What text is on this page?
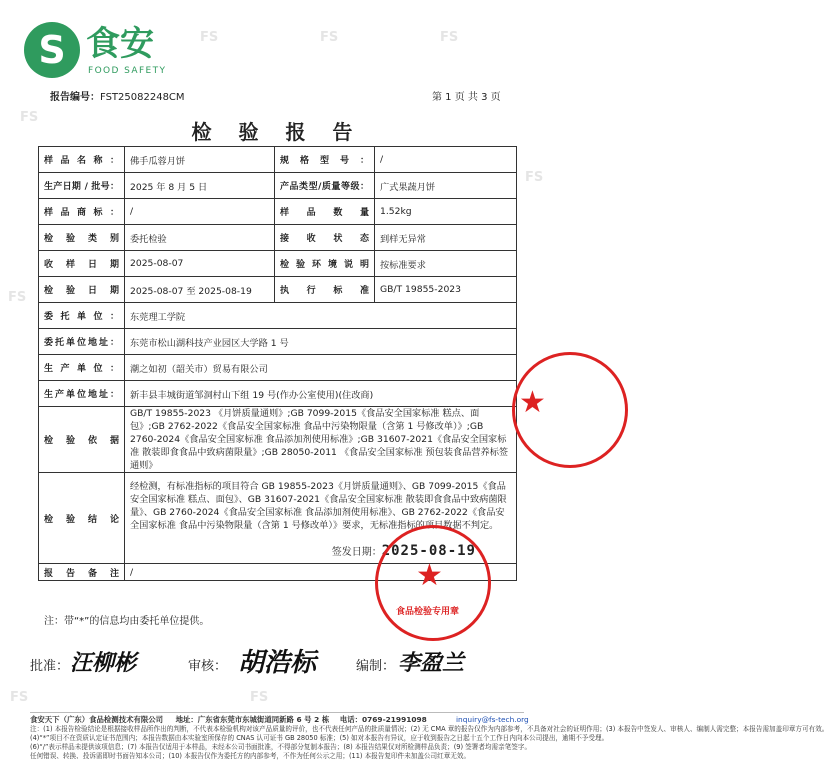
FS
FS	FS	FS
FS
FS
FS
FS
S 食安
FOOD SAFETY
报告编号：FST25082248CM	第 1 页 共 3 页
检 验 报 告
样 品 名 称 ：	佛手瓜蓉月饼	规 格 型 号 ：	/
生产日期 / 批号：	2025 年 8 月 5 日	产品类型/质量等级：	广式果蔬月饼
样 品 商 标 ：	/	样 品 数 量	1.52kg
检 验 类 别	委托检验	接 收 状 态	到样无异常
收 样 日 期	2025-08-07	检验环境说明	按标准要求
检 验 日 期	2025-08-07 至 2025-08-19	执 行 标 准	GB/T 19855-2023
委 托 单 位 ：	东莞理工学院		
委托单位地址：	东莞市松山湖科技产业园区大学路 1 号		
生 产 单 位 ：	潮之如初（韶关市）贸易有限公司		
生产单位地址：	新丰县丰城街道邹洞村山下组 19 号(作办公室使用)(住改商)		
检 验 依 据	GB/T 19855-2023 《月饼质量通则》;GB 7099-2015《食品安全国家标准 糕点、面包》;GB 2762-2022《食品安全国家标准 食品中污染物限量（含第 1 号修改单）》;GB 2760-2024《食品安全国家标准 食品添加剂使用标准》;GB 31607-2021《食品安全国家标准 散装即食食品中致病菌限量》;GB 28050-2011 《食品安全国家标准 预包装食品营养标签通则》		
检 验 结 论	经检测，有标准指标的项目符合 GB 19855-2023《月饼质量通则》、GB 7099-2015《食品安全国家标准 糕点、面包》、GB 31607-2021《食品安全国家标准 散装即食食品中致病菌限量》、GB 2760-2024《食品安全国家标准 食品添加剂使用标准》、GB 2762-2022《食品安全国家标准 食品中污染物限量（含第 1 号修改单）》要求，无标准指标的项目数据不判定。		

	签发日期：2025-08-19		

报 告 备 注	/		
注：带“*”的信息均由委托单位提供。
★
食品检验专用章
★
批准： 汪柳彬	审核： 胡浩标	编制： 李盈兰
食安天下（广东）食品检测技术有限公司 地址：广东省东莞市东城街道同新路 6 号 2 栋 电话：0769-21991098	inquiry@fs-tech.org
注：(1) 本报告检验结论是根据接收样品所作出的判断，不代表本检验机构对该产品质量的评价，也不代表任何产品的批质量情况；(2) 无 CMA 章的报告仅作为内部参考，不具备对社会的证明作用；(3) 本报告中签发人、审核人、编制人需完整；本报告需加盖印章方可有效。
(4)“*”项目不在资质认定证书范围内；本报告数据由本实验室所保存的 CNAS 认可证书 GB 28050 标准；(5) 如对本报告有异议，应于收到报告之日起十五个工作日内向本公司提出，逾期不予受理。
(6)“/”表示样品未提供该项信息；(7) 本报告仅适用于本样品，未经本公司书面批准，不得部分复制本报告；(8) 本报告结果仅对所检测样品负责；(9) 签署者均需亲笔签字。
任何错误、转换、投诉需即时书面告知本公司；(10) 本报告仅作为委托方的内部参考，不作为任何公示之用；(11) 本报告复印件未加盖公司红章无效。
